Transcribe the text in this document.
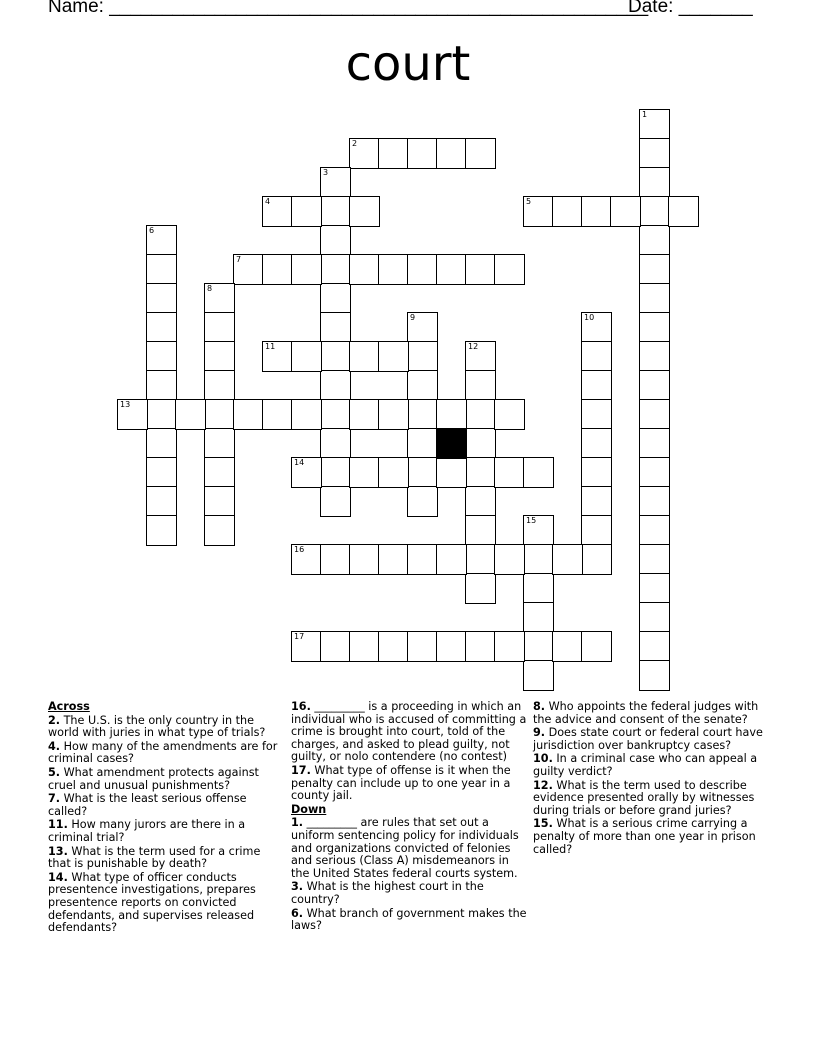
Name: ___________________________________________________
Date: _______
court
1
2
3
4	5
6
7
8
9	10
11	12
13
14
15
16
17
Across
2. The U.S. is the only country in the world with juries in what type of trials?
4. How many of the amendments are for criminal cases?
5. What amendment protects against cruel and unusual punishments?
7. What is the least serious offense called?
11. How many jurors are there in a criminal trial?
13. What is the term used for a crime that is punishable by death?
14. What type of officer conducts presentence investigations, prepares presentence reports on convicted defendants, and supervises released defendants?
16. _________ is a proceeding in which an individual who is accused of committing a crime is brought into court, told of the charges, and asked to plead guilty, not guilty, or nolo contendere (no contest)
17. What type of offense is it when the penalty can include up to one year in a county jail.
Down
1. _________ are rules that set out a uniform sentencing policy for individuals and organizations convicted of felonies and serious (Class A) misdemeanors in the United States federal courts system.
3. What is the highest court in the country?
6. What branch of government makes the laws?
8. Who appoints the federal judges with the advice and consent of the senate?
9. Does state court or federal court have jurisdiction over bankruptcy cases?
10. In a criminal case who can appeal a guilty verdict?
12. What is the term used to describe evidence presented orally by witnesses during trials or before grand juries?
15. What is a serious crime carrying a penalty of more than one year in prison called?
